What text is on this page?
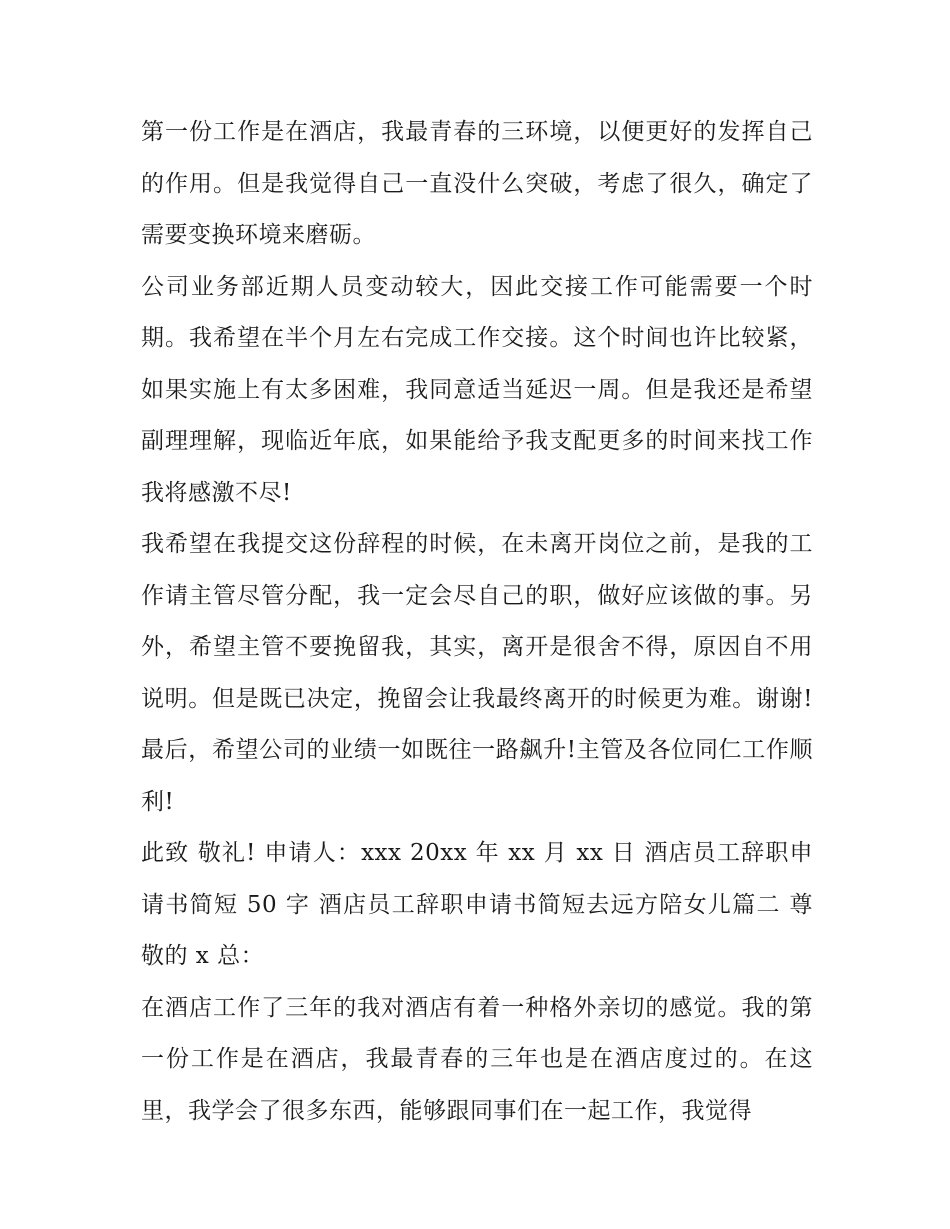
第一份工作是在酒店，我最青春的三环境，以便更好的发挥自己的作用。但是我觉得自己一直没什么突破，考虑了很久，确定了需要变换环境来磨砺。

公司业务部近期人员变动较大，因此交接工作可能需要一个时期。我希望在半个月左右完成工作交接。这个时间也许比较紧，如果实施上有太多困难，我同意适当延迟一周。但是我还是希望副理理解，现临近年底，如果能给予我支配更多的时间来找工作我将感激不尽!

我希望在我提交这份辞程的时候，在未离开岗位之前，是我的工作请主管尽管分配，我一定会尽自己的职，做好应该做的事。另外，希望主管不要挽留我，其实，离开是很舍不得，原因自不用说明。但是既已决定，挽留会让我最终离开的时候更为难。谢谢!最后，希望公司的业绩一如既往一路飙升!主管及各位同仁工作顺利!

此致 敬礼! 申请人：xxx 20xx 年 xx 月 xx 日 酒店员工辞职申请书简短 50 字 酒店员工辞职申请书简短去远方陪女儿篇二 尊敬的 x 总：

在酒店工作了三年的我对酒店有着一种格外亲切的感觉。我的第一份工作是在酒店，我最青春的三年也是在酒店度过的。在这里，我学会了很多东西，能够跟同事们在一起工作，我觉得
